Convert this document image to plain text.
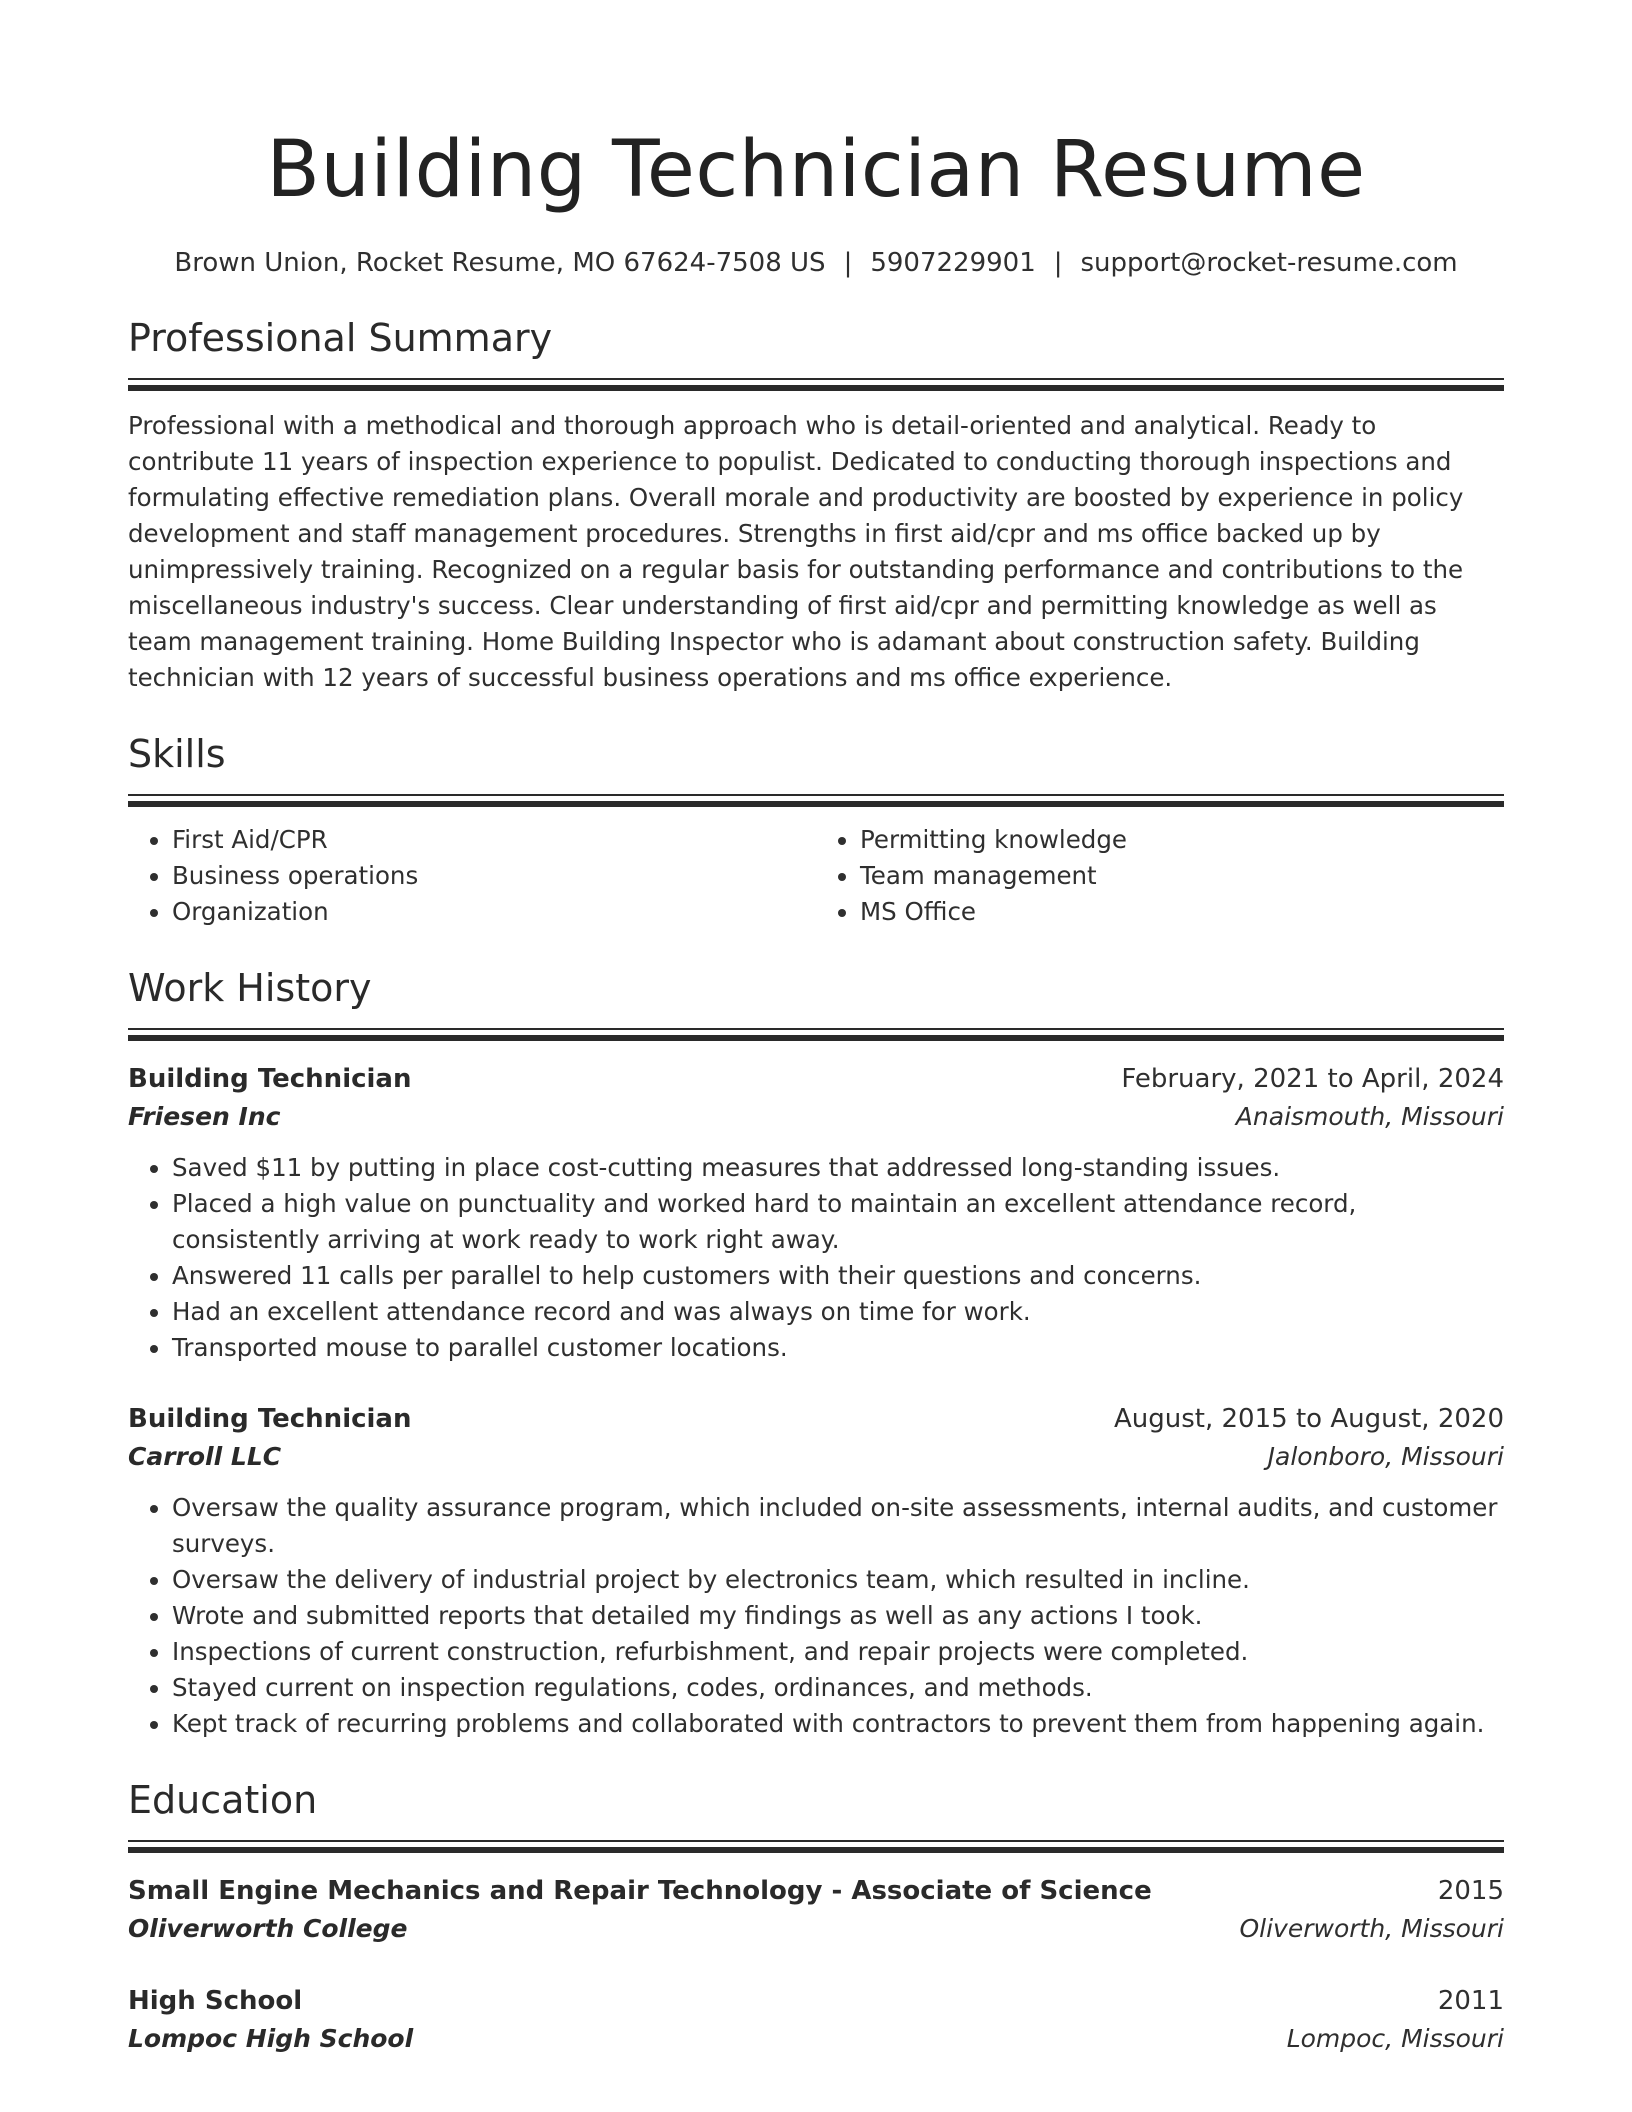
Building Technician Resume
Brown Union, Rocket Resume, MO 67624-7508 US | 5907229901 | support@rocket-resume.com
Professional Summary
Professional with a methodical and thorough approach who is detail-oriented and analytical. Ready to contribute 11 years of inspection experience to populist. Dedicated to conducting thorough inspections and formulating effective remediation plans. Overall morale and productivity are boosted by experience in policy development and staff management procedures. Strengths in first aid/cpr and ms office backed up by unimpressively training. Recognized on a regular basis for outstanding performance and contributions to the miscellaneous industry's success. Clear understanding of first aid/cpr and permitting knowledge as well as team management training. Home Building Inspector who is adamant about construction safety. Building technician with 12 years of successful business operations and ms office experience.
Skills
• First Aid/CPR
• Business operations
• Organization
• Permitting knowledge
• Team management
• MS Office
Work History
Building Technician	February, 2021 to April, 2024
Friesen Inc	Anaismouth, Missouri
• Saved $11 by putting in place cost-cutting measures that addressed long-standing issues.
• Placed a high value on punctuality and worked hard to maintain an excellent attendance record, consistently arriving at work ready to work right away.
• Answered 11 calls per parallel to help customers with their questions and concerns.
• Had an excellent attendance record and was always on time for work.
• Transported mouse to parallel customer locations.
Building Technician	August, 2015 to August, 2020
Carroll LLC	Jalonboro, Missouri
• Oversaw the quality assurance program, which included on-site assessments, internal audits, and customer surveys.
• Oversaw the delivery of industrial project by electronics team, which resulted in incline.
• Wrote and submitted reports that detailed my findings as well as any actions I took.
• Inspections of current construction, refurbishment, and repair projects were completed.
• Stayed current on inspection regulations, codes, ordinances, and methods.
• Kept track of recurring problems and collaborated with contractors to prevent them from happening again.
Education
Small Engine Mechanics and Repair Technology - Associate of Science	2015
Oliverworth College	Oliverworth, Missouri
High School	2011
Lompoc High School	Lompoc, Missouri
